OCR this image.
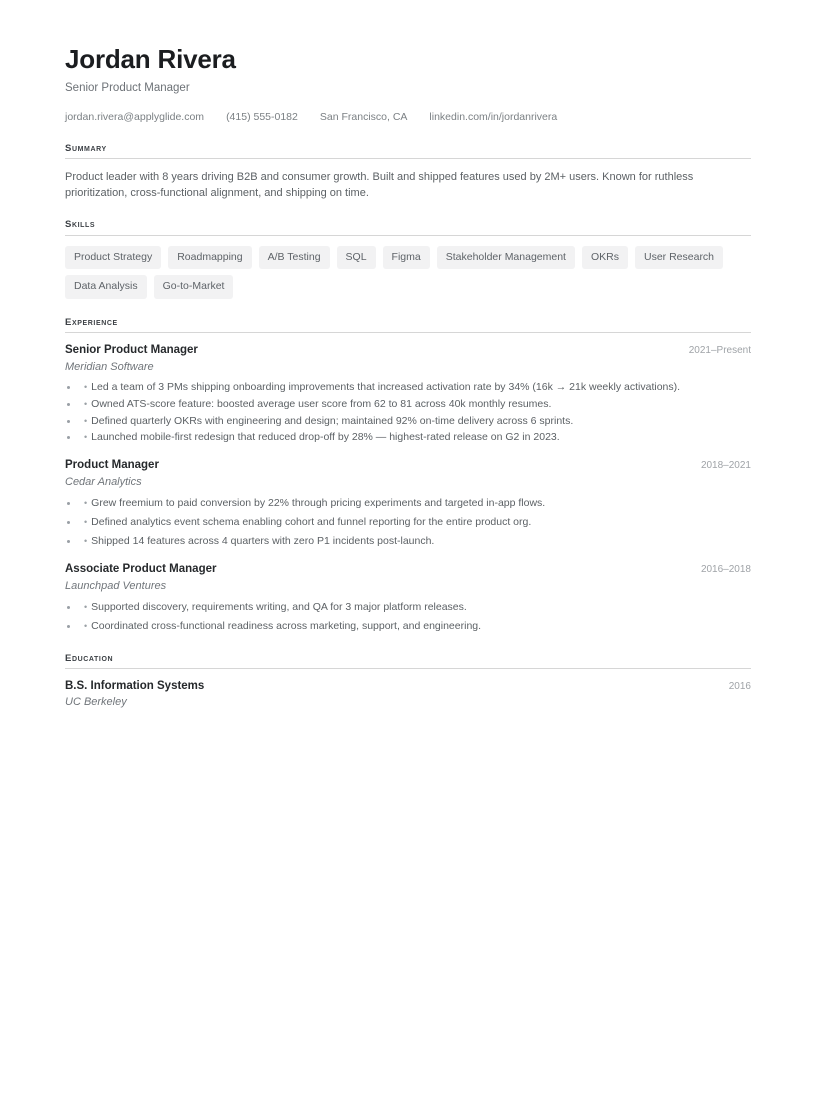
Jordan Rivera
Senior Product Manager
jordan.rivera@applyglide.com (415) 555-0182 San Francisco, CA linkedin.com/in/jordanrivera
Summary

Product leader with 8 years driving B2B and consumer growth. Built and shipped features used by 2M+ users. Known for ruthless prioritization, cross-functional alignment, and shipping on time.

Skills
Product Strategy	Roadmapping	A/B Testing	SQL	Figma	Stakeholder Management	OKRs	User Research
Data Analysis	Go-to-Market
Experience
Senior Product Manager	2021–Present
Meridian Software
• • Led a team of 3 PMs shipping onboarding improvements that increased activation rate by 34% (16k → 21k weekly activations).
• • Owned ATS-score feature: boosted average user score from 62 to 81 across 40k monthly resumes.
• • Defined quarterly OKRs with engineering and design; maintained 92% on-time delivery across 6 sprints.
• • Launched mobile-first redesign that reduced drop-off by 28% — highest-rated release on G2 in 2023.
Product Manager	2018–2021
Cedar Analytics
• • Grew freemium to paid conversion by 22% through pricing experiments and targeted in-app flows.
• • Defined analytics event schema enabling cohort and funnel reporting for the entire product org.
• • Shipped 14 features across 4 quarters with zero P1 incidents post-launch.
Associate Product Manager	2016–2018
Launchpad Ventures
• • Supported discovery, requirements writing, and QA for 3 major platform releases.
• • Coordinated cross-functional readiness across marketing, support, and engineering.
Education
B.S. Information Systems	2016
UC Berkeley
